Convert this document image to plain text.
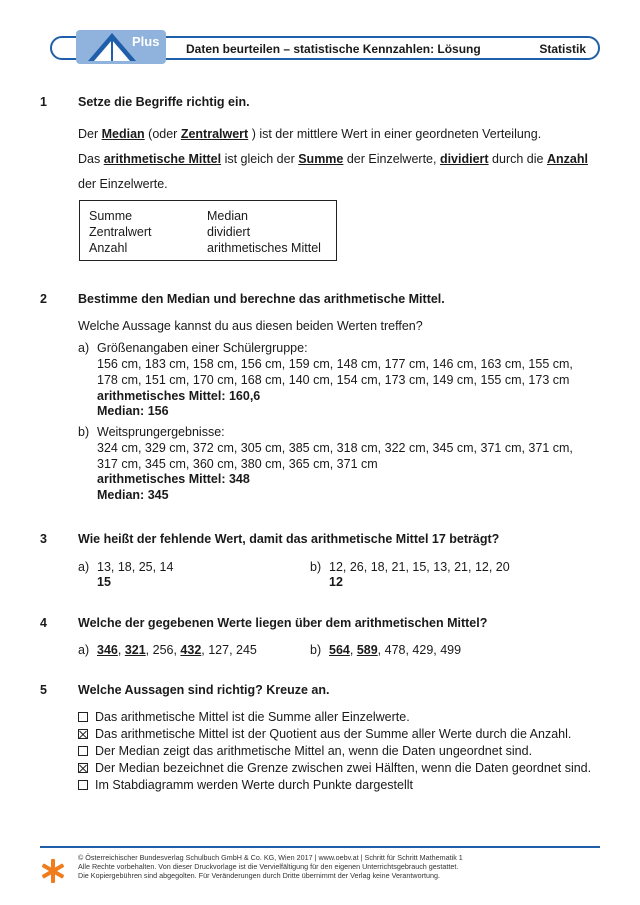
Plus Daten beurteilen – statistische Kennzahlen: Lösung	Statistik
1 Setze die Begriffe richtig ein.
Der Median (oder Zentralwert ) ist der mittlere Wert in einer geordneten Verteilung.
Das arithmetische Mittel ist gleich der Summe der Einzelwerte, dividiert durch die Anzahl
der Einzelwerte.
Summe
Zentralwert
Anzahl
Median
dividiert
arithmetisches Mittel
2 Bestimme den Median und berechne das arithmetische Mittel.
Welche Aussage kannst du aus diesen beiden Werten treffen?
a) Größenangaben einer Schülergruppe:
156 cm, 183 cm, 158 cm, 156 cm, 159 cm, 148 cm, 177 cm, 146 cm, 163 cm, 155 cm,
178 cm, 151 cm, 170 cm, 168 cm, 140 cm, 154 cm, 173 cm, 149 cm, 155 cm, 173 cm
arithmetisches Mittel: 160,6
Median: 156
b) Weitsprungergebnisse:
324 cm, 329 cm, 372 cm, 305 cm, 385 cm, 318 cm, 322 cm, 345 cm, 371 cm, 371 cm,
317 cm, 345 cm, 360 cm, 380 cm, 365 cm, 371 cm
arithmetisches Mittel: 348
Median: 345
3 Wie heißt der fehlende Wert, damit das arithmetische Mittel 17 beträgt?
a) 13, 18, 25, 14
15
b) 12, 26, 18, 21, 15, 13, 21, 12, 20
12
4 Welche der gegebenen Werte liegen über dem arithmetischen Mittel?
a) 346, 321, 256, 432, 127, 245	b) 564, 589, 478, 429, 499
5 Welche Aussagen sind richtig? Kreuze an.
Das arithmetische Mittel ist die Summe aller Einzelwerte.
Das arithmetische Mittel ist der Quotient aus der Summe aller Werte durch die Anzahl.
Der Median zeigt das arithmetische Mittel an, wenn die Daten ungeordnet sind.
Der Median bezeichnet die Grenze zwischen zwei Hälften, wenn die Daten geordnet sind.
Im Stabdiagramm werden Werte durch Punkte dargestellt
© Österreichischer Bundesverlag Schulbuch GmbH & Co. KG, Wien 2017 | www.oebv.at | Schritt für Schritt Mathematik 1
Alle Rechte vorbehalten. Von dieser Druckvorlage ist die Vervielfältigung für den eigenen Unterrichtsgebrauch gestattet.
Die Kopiergebühren sind abgegolten. Für Veränderungen durch Dritte übernimmt der Verlag keine Verantwortung.
